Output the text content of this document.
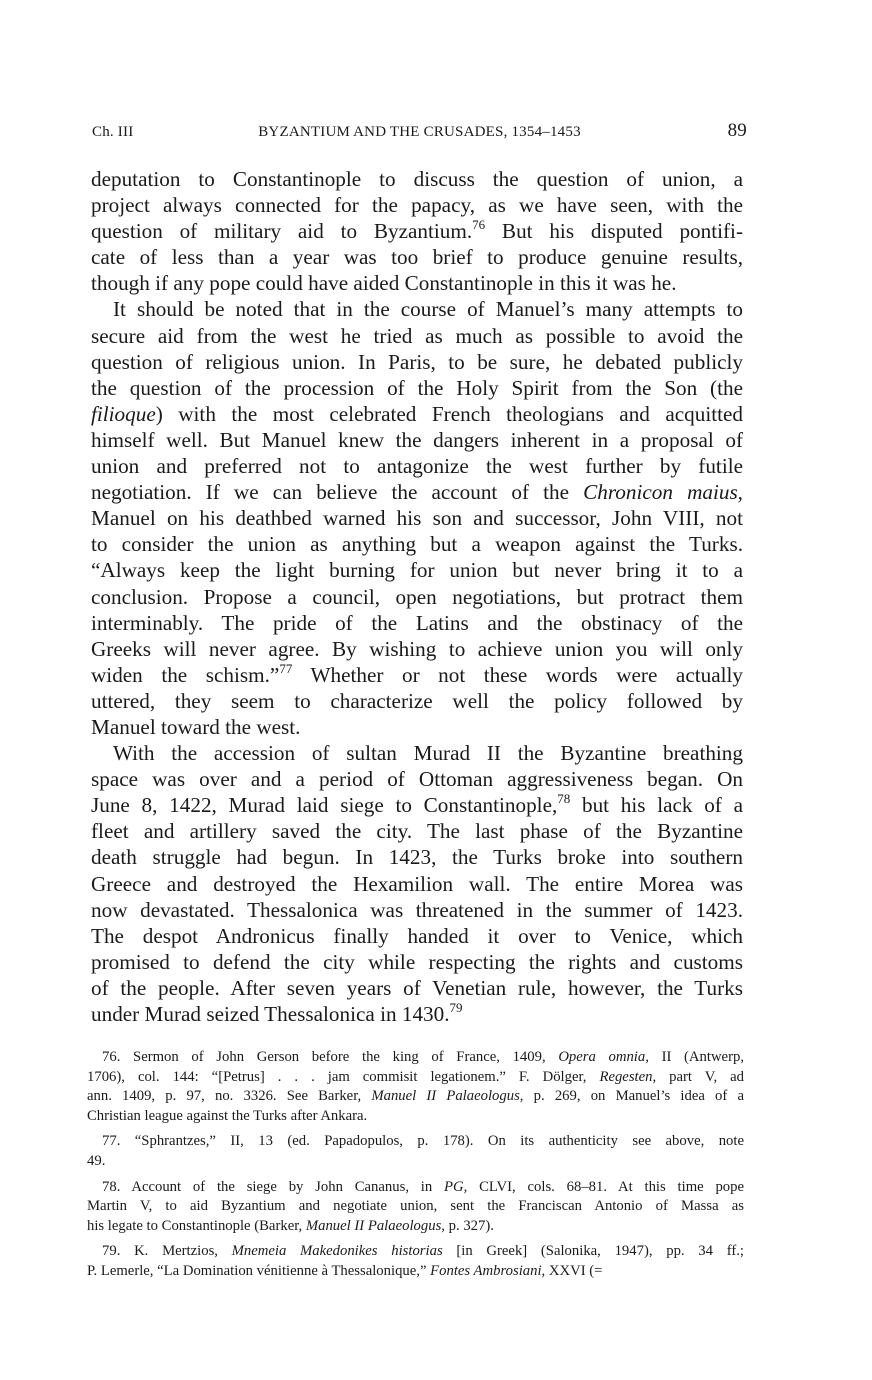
Ch. III	BYZANTIUM AND THE CRUSADES, 1354–1453	89

deputation to Constantinople to discuss the question of union, a
project always connected for the papacy, as we have seen, with the
question of military aid to Byzantium.$^{76}$ But his disputed pontifi-
cate of less than a year was too brief to produce genuine results,
though if any pope could have aided Constantinople in this it was he.

It should be noted that in the course of Manuel’s many attempts to
secure aid from the west he tried as much as possible to avoid the
question of religious union. In Paris, to be sure, he debated publicly
the question of the procession of the Holy Spirit from the Son (the
filioque) with the most celebrated French theologians and acquitted
himself well. But Manuel knew the dangers inherent in a proposal of
union and preferred not to antagonize the west further by futile
negotiation. If we can believe the account of the Chronicon maius,
Manuel on his deathbed warned his son and successor, John VIII, not
to consider the union as anything but a weapon against the Turks.
“Always keep the light burning for union but never bring it to a
conclusion. Propose a council, open negotiations, but protract them
interminably. The pride of the Latins and the obstinacy of the
Greeks will never agree. By wishing to achieve union you will only
widen the schism.”$^{77}$ Whether or not these words were actually
uttered, they seem to characterize well the policy followed by
Manuel toward the west.

With the accession of sultan Murad II the Byzantine breathing
space was over and a period of Ottoman aggressiveness began. On
June 8, 1422, Murad laid siege to Constantinople,$^{78}$ but his lack of a
fleet and artillery saved the city. The last phase of the Byzantine
death struggle had begun. In 1423, the Turks broke into southern
Greece and destroyed the Hexamilion wall. The entire Morea was
now devastated. Thessalonica was threatened in the summer of 1423.
The despot Andronicus finally handed it over to Venice, which
promised to defend the city while respecting the rights and customs
of the people. After seven years of Venetian rule, however, the Turks
under Murad seized Thessalonica in 1430.79

76. Sermon of John Gerson before the king of France, 1409, Opera omnia, II (Antwerp,
1706), col. 144: “[Petrus] . . . jam commisit legationem.” F. Dölger, Regesten, part V, ad
ann. 1409, p. 97, no. 3326. See Barker, Manuel II Palaeologus, p. 269, on Manuel’s idea of a
Christian league against the Turks after Ankara.
77. “Sphrantzes,” II, 13 (ed. Papadopulos, p. 178). On its authenticity see above, note
49.
78. Account of the siege by John Cananus, in PG, CLVI, cols. 68–81. At this time pope
Martin V, to aid Byzantium and negotiate union, sent the Franciscan Antonio of Massa as
his legate to Constantinople (Barker, Manuel II Palaeologus, p. 327).
79. K. Mertzios, Mnemeia Makedonikes historias [in Greek] (Salonika, 1947), pp. 34 ff.;
P. Lemerle, “La Domination vénitienne à Thessalonique,” Fontes Ambrosiani, XXVI (=
